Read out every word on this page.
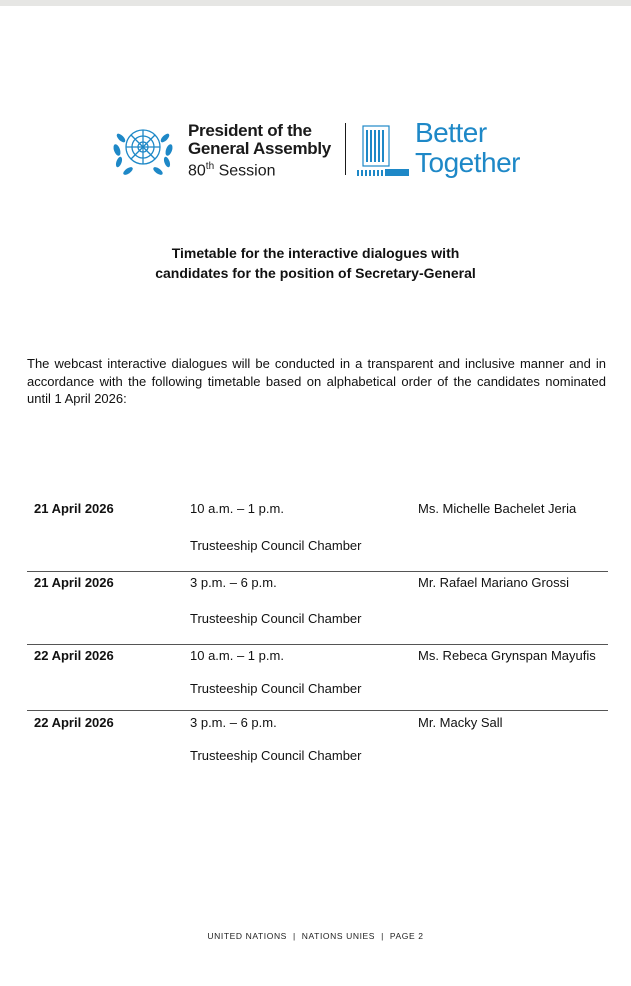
President of the
General Assembly
80th Session
Better
Together
Timetable for the interactive dialogues with
candidates for the position of Secretary-General
The webcast interactive dialogues will be conducted in a transparent and inclusive manner and in accordance with the following timetable based on alphabetical order of the candidates nominated until 1 April 2026:
21 April 2026	10 a.m. – 1 p.m.	Ms. Michelle Bachelet Jeria
Trusteeship Council Chamber
21 April 2026	3 p.m. – 6 p.m.	Mr. Rafael Mariano Grossi
Trusteeship Council Chamber
22 April 2026	10 a.m. – 1 p.m.	Ms. Rebeca Grynspan Mayufis
Trusteeship Council Chamber
22 April 2026	3 p.m. – 6 p.m.	Mr. Macky Sall
Trusteeship Council Chamber
UNITED NATIONS | NATIONS UNIES | PAGE 2
